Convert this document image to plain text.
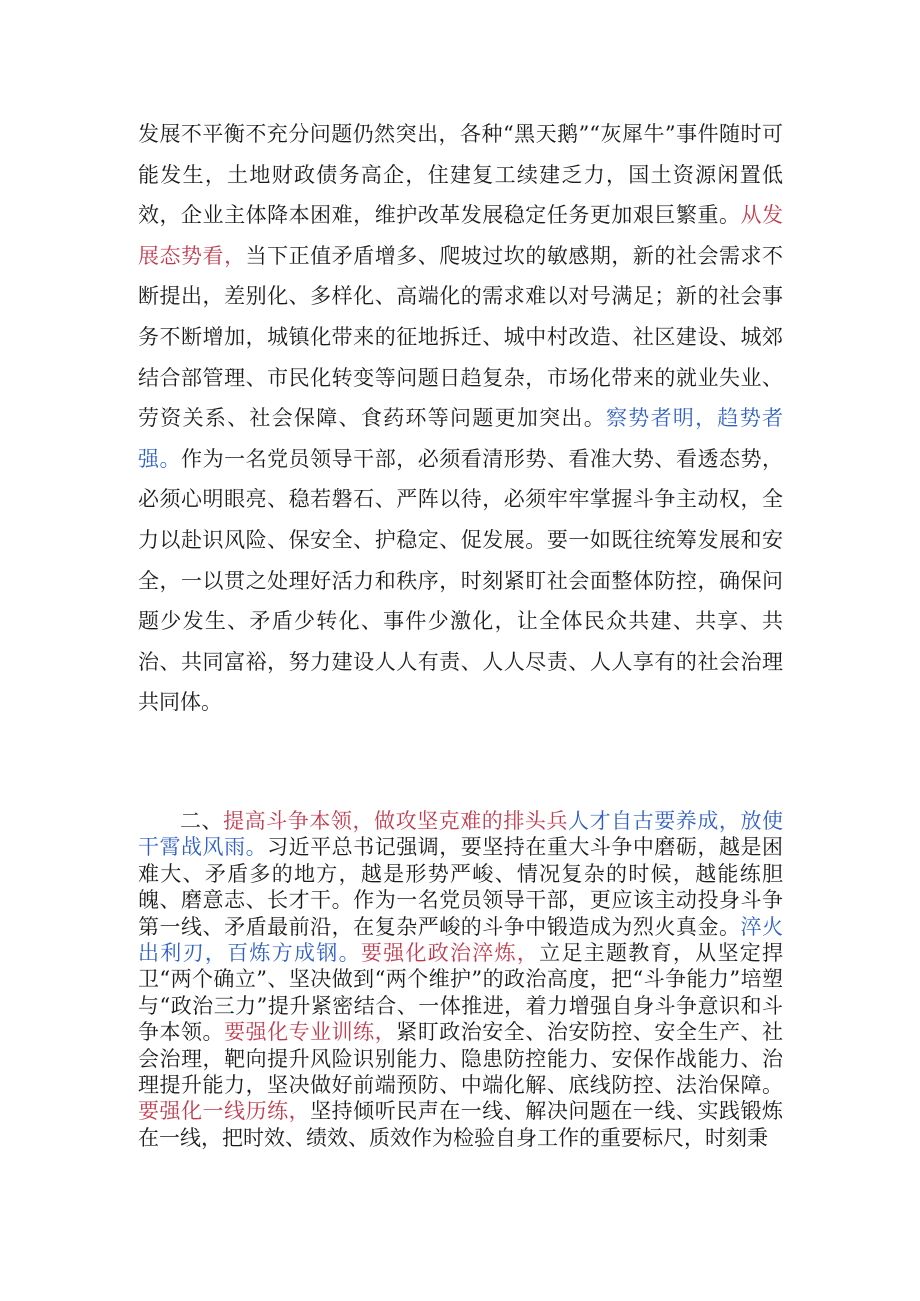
发展不平衡不充分问题仍然突出，各种“黑天鹅”“灰犀牛”事件随时可能发生，土地财政债务高企，住建复工续建乏力，国土资源闲置低效，企业主体降本困难，维护改革发展稳定任务更加艰巨繁重。从发展态势看，当下正值矛盾增多、爬坡过坎的敏感期，新的社会需求不断提出，差别化、多样化、高端化的需求难以对号满足；新的社会事务不断增加，城镇化带来的征地拆迁、城中村改造、社区建设、城郊结合部管理、市民化转变等问题日趋复杂，市场化带来的就业失业、劳资关系、社会保障、食药环等问题更加突出。察势者明，趋势者强。作为一名党员领导干部，必须看清形势、看准大势、看透态势，必须心明眼亮、稳若磐石、严阵以待，必须牢牢掌握斗争主动权，全力以赴识风险、保安全、护稳定、促发展。要一如既往统筹发展和安全，一以贯之处理好活力和秩序，时刻紧盯社会面整体防控，确保问题少发生、矛盾少转化、事件少激化，让全体民众共建、共享、共治、共同富裕，努力建设人人有责、人人尽责、人人享有的社会治理共同体。

二、提高斗争本领，做攻坚克难的排头兵人才自古要养成，放使干霄战风雨。习近平总书记强调，要坚持在重大斗争中磨砺，越是困难大、矛盾多的地方，越是形势严峻、情况复杂的时候，越能练胆魄、磨意志、长才干。作为一名党员领导干部，更应该主动投身斗争第一线、矛盾最前沿，在复杂严峻的斗争中锻造成为烈火真金。淬火出利刃，百炼方成钢。要强化政治淬炼，立足主题教育，从坚定捍卫“两个确立”、坚决做到“两个维护”的政治高度，把“斗争能力”培塑与“政治三力”提升紧密结合、一体推进，着力增强自身斗争意识和斗争本领。要强化专业训练，紧盯政治安全、治安防控、安全生产、社会治理，靶向提升风险识别能力、隐患防控能力、安保作战能力、治理提升能力，坚决做好前端预防、中端化解、底线防控、法治保障。要强化一线历练，坚持倾听民声在一线、解决问题在一线、实践锻炼在一线，把时效、绩效、质效作为检验自身工作的重要标尺，时刻秉
